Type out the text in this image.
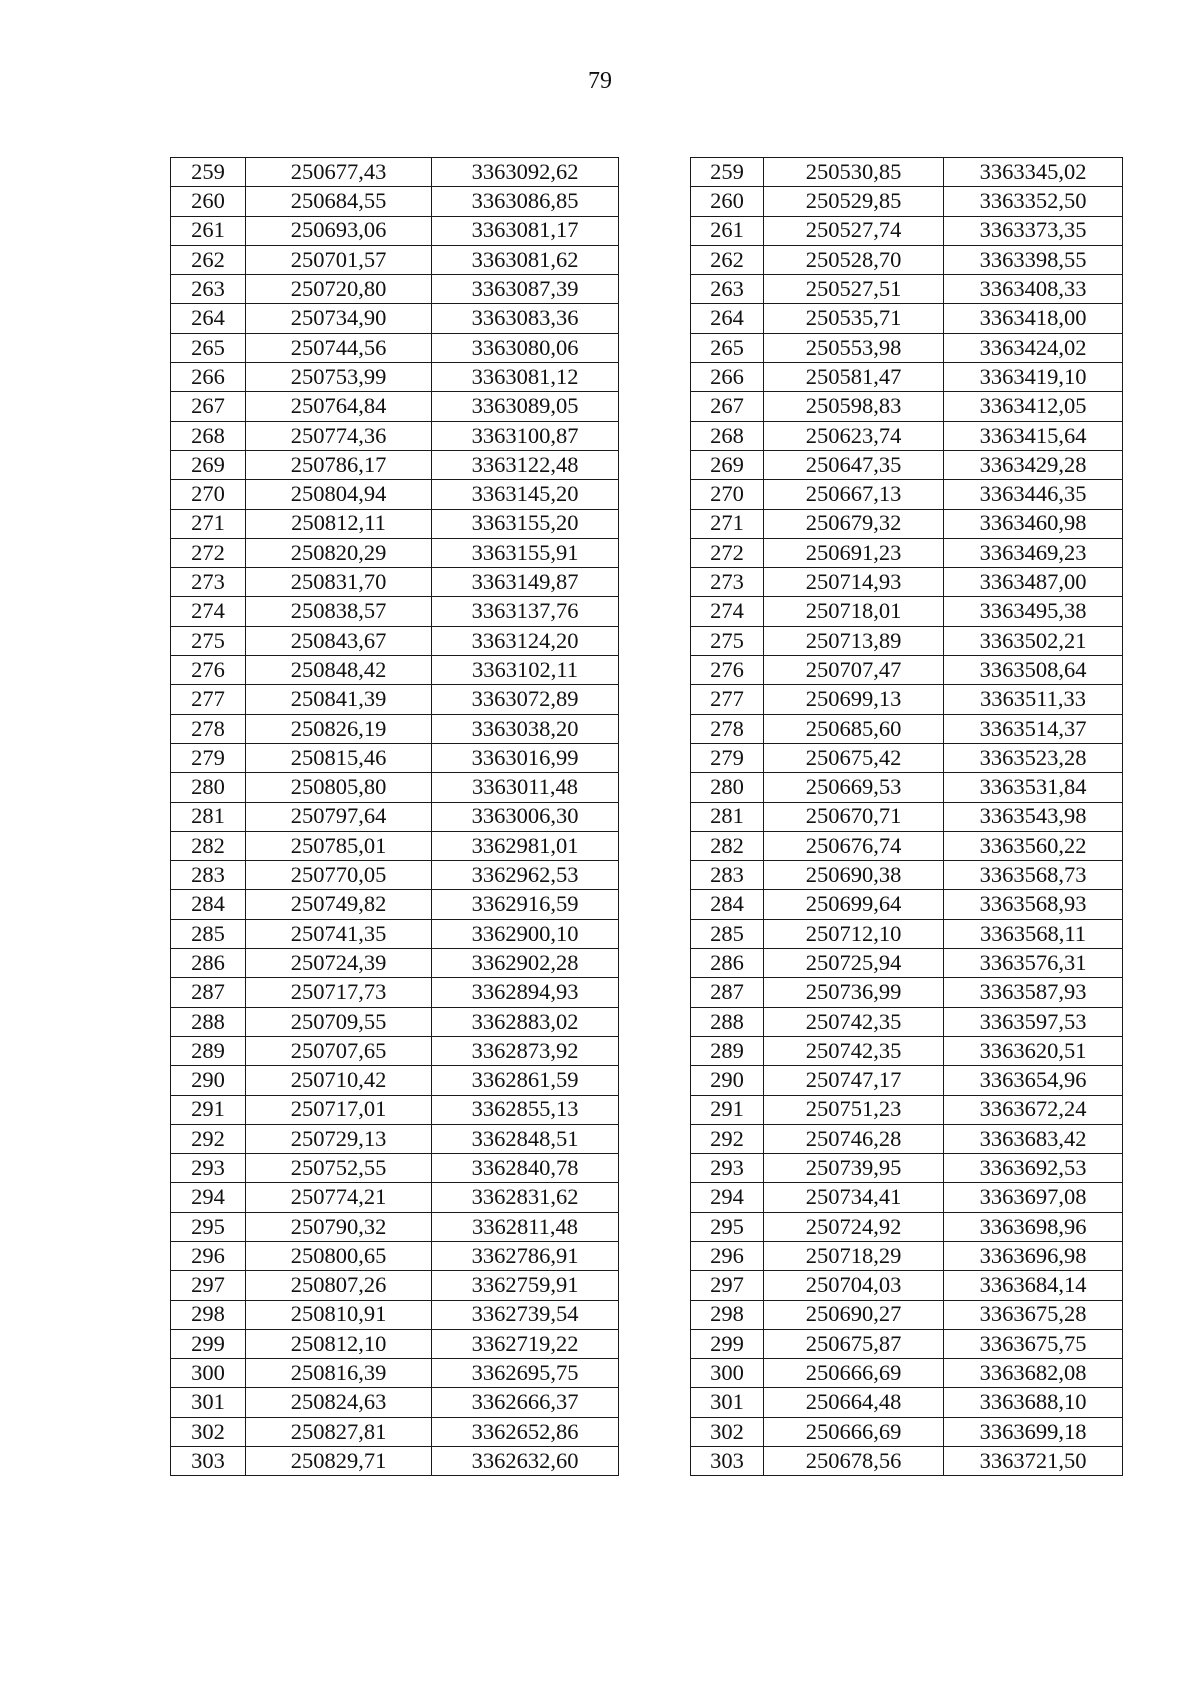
79
259	250677,43	3363092,62
260	250684,55	3363086,85
261	250693,06	3363081,17
262	250701,57	3363081,62
263	250720,80	3363087,39
264	250734,90	3363083,36
265	250744,56	3363080,06
266	250753,99	3363081,12
267	250764,84	3363089,05
268	250774,36	3363100,87
269	250786,17	3363122,48
270	250804,94	3363145,20
271	250812,11	3363155,20
272	250820,29	3363155,91
273	250831,70	3363149,87
274	250838,57	3363137,76
275	250843,67	3363124,20
276	250848,42	3363102,11
277	250841,39	3363072,89
278	250826,19	3363038,20
279	250815,46	3363016,99
280	250805,80	3363011,48
281	250797,64	3363006,30
282	250785,01	3362981,01
283	250770,05	3362962,53
284	250749,82	3362916,59
285	250741,35	3362900,10
286	250724,39	3362902,28
287	250717,73	3362894,93
288	250709,55	3362883,02
289	250707,65	3362873,92
290	250710,42	3362861,59
291	250717,01	3362855,13
292	250729,13	3362848,51
293	250752,55	3362840,78
294	250774,21	3362831,62
295	250790,32	3362811,48
296	250800,65	3362786,91
297	250807,26	3362759,91
298	250810,91	3362739,54
299	250812,10	3362719,22
300	250816,39	3362695,75
301	250824,63	3362666,37
302	250827,81	3362652,86
303	250829,71	3362632,60
259	250530,85	3363345,02
260	250529,85	3363352,50
261	250527,74	3363373,35
262	250528,70	3363398,55
263	250527,51	3363408,33
264	250535,71	3363418,00
265	250553,98	3363424,02
266	250581,47	3363419,10
267	250598,83	3363412,05
268	250623,74	3363415,64
269	250647,35	3363429,28
270	250667,13	3363446,35
271	250679,32	3363460,98
272	250691,23	3363469,23
273	250714,93	3363487,00
274	250718,01	3363495,38
275	250713,89	3363502,21
276	250707,47	3363508,64
277	250699,13	3363511,33
278	250685,60	3363514,37
279	250675,42	3363523,28
280	250669,53	3363531,84
281	250670,71	3363543,98
282	250676,74	3363560,22
283	250690,38	3363568,73
284	250699,64	3363568,93
285	250712,10	3363568,11
286	250725,94	3363576,31
287	250736,99	3363587,93
288	250742,35	3363597,53
289	250742,35	3363620,51
290	250747,17	3363654,96
291	250751,23	3363672,24
292	250746,28	3363683,42
293	250739,95	3363692,53
294	250734,41	3363697,08
295	250724,92	3363698,96
296	250718,29	3363696,98
297	250704,03	3363684,14
298	250690,27	3363675,28
299	250675,87	3363675,75
300	250666,69	3363682,08
301	250664,48	3363688,10
302	250666,69	3363699,18
303	250678,56	3363721,50
